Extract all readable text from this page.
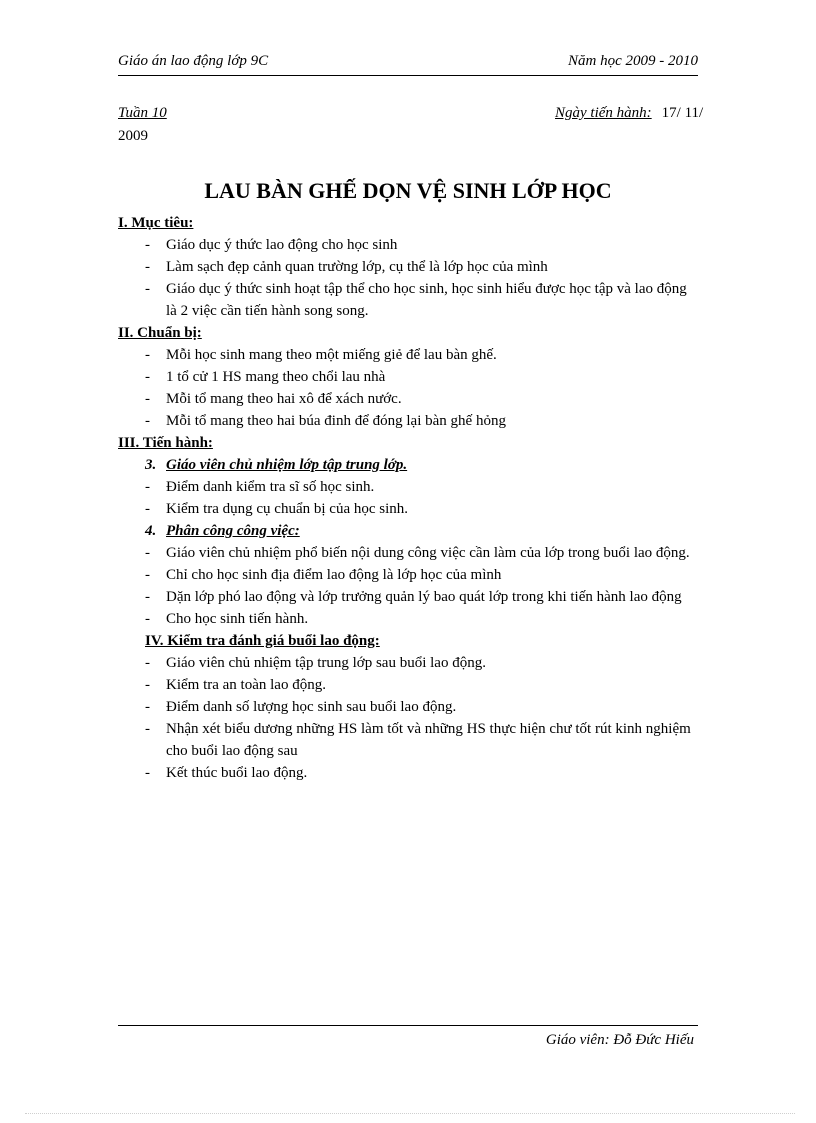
Giáo án lao động lớp 9C	Năm học 2009 - 2010
Tuần 10	Ngày tiến hành: 17/ 11/
2009
LAU BÀN GHẾ DỌN VỆ SINH LỚP HỌC
I. Mục tiêu:
- Giáo dục ý thức lao động cho học sinh
- Làm sạch đẹp cảnh quan trường lớp, cụ thể là lớp học của mình
- Giáo dục ý thức sinh hoạt tập thể cho học sinh, học sinh hiểu được học tập và lao động là 2 việc cần tiến hành song song.
II. Chuẩn bị:
- Mỗi học sinh mang theo một miếng giẻ để lau bàn ghế.
- 1 tổ cử 1 HS mang theo chổi lau nhà
- Mỗi tổ mang theo hai xô để xách nước.
- Mỗi tổ mang theo hai búa đinh để đóng lại bàn ghế hỏng
III. Tiến hành:
3. Giáo viên chủ nhiệm lớp tập trung lớp.
- Điểm danh kiểm tra sĩ số học sinh.
- Kiểm tra dụng cụ chuẩn bị của học sinh.
4. Phân công công việc:
- Giáo viên chủ nhiệm phổ biến nội dung công việc cần làm của lớp trong buổi lao động.
- Chỉ cho học sinh địa điểm lao động là lớp học của mình
- Dặn lớp phó lao động và lớp trưởng quản lý bao quát lớp trong khi tiến hành lao động
- Cho học sinh tiến hành.
IV. Kiểm tra đánh giá buổi lao động:
- Giáo viên chủ nhiệm tập trung lớp sau buổi lao động.
- Kiểm tra an toàn lao động.
- Điểm danh số lượng học sinh sau buổi lao động.
- Nhận xét biểu dương những HS làm tốt và những HS thực hiện chư tốt rút kinh nghiệm cho buổi lao động sau
- Kết thúc buổi lao động.
Giáo viên: Đỗ Đức Hiếu
